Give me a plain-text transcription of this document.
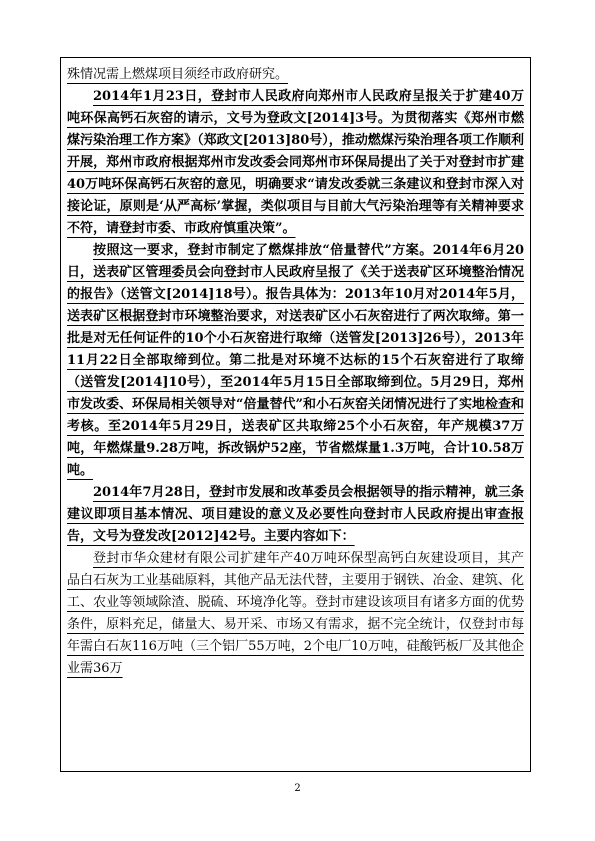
殊情况需上燃煤项目须经市政府研究。

2014年1月23日，登封市人民政府向郑州市人民政府呈报关于扩建40万吨环保高钙石灰窑的请示，文号为登政文[2014]3号。为贯彻落实《郑州市燃煤污染治理工作方案》（郑政文[2013]80号），推动燃煤污染治理各项工作顺利开展，郑州市政府根据郑州市发改委会同郑州市环保局提出了关于对登封市扩建40万吨环保高钙石灰窑的意见，明确要求“请发改委就三条建议和登封市深入对接论证，原则是‘从严高标’掌握，类似项目与目前大气污染治理等有关精神要求不符，请登封市委、市政府慎重决策”。

按照这一要求，登封市制定了燃煤排放“倍量替代”方案。2014年6月20日，送表矿区管理委员会向登封市人民政府呈报了《关于送表矿区环境整治情况的报告》（送管文[2014]18号）。报告具体为：2013年10月对2014年5月，送表矿区根据登封市环境整治要求，对送表矿区小石灰窑进行了两次取缔。第一批是对无任何证件的10个小石灰窑进行取缔（送管发[2013]26号），2013年11月22日全部取缔到位。第二批是对环境不达标的15个石灰窑进行了取缔（送管发[2014]10号），至2014年5月15日全部取缔到位。5月29日，郑州市发改委、环保局相关领导对“倍量替代”和小石灰窑关闭情况进行了实地检查和考核。至2014年5月29日，送表矿区共取缔25个小石灰窑，年产规模37万吨，年燃煤量9.28万吨，拆改锅炉52座，节省燃煤量1.3万吨，合计10.58万吨。

2014年7月28日，登封市发展和改革委员会根据领导的指示精神，就三条建议即项目基本情况、项目建设的意义及必要性向登封市人民政府提出审查报告，文号为登发改[2012]42号。主要内容如下：

登封市华众建材有限公司扩建年产40万吨环保型高钙白灰建设项目，其产品白石灰为工业基础原料，其他产品无法代替，主要用于钢铁、冶金、建筑、化工、农业等领域除渣、脱硫、环境净化等。登封市建设该项目有诸多方面的优势条件，原料充足，储量大、易开采、市场又有需求，据不完全统计，仅登封市每年需白石灰116万吨（三个铝厂55万吨，2个电厂10万吨，硅酸钙板厂及其他企业需36万

2
